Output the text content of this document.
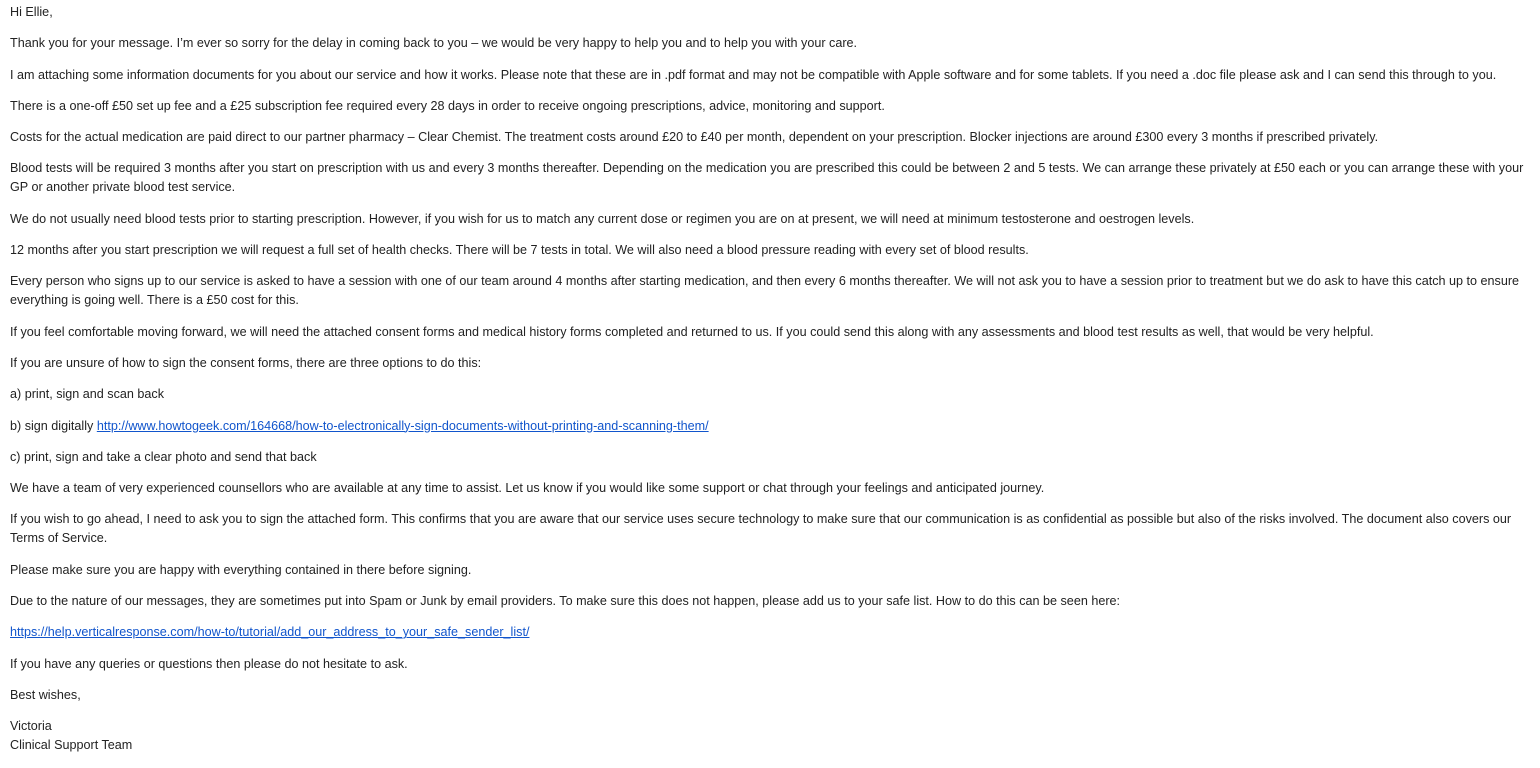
Hi Ellie,
Thank you for your message. I’m ever so sorry for the delay in coming back to you – we would be very happy to help you and to help you with your care.
I am attaching some information documents for you about our service and how it works. Please note that these are in .pdf format and may not be compatible with Apple software and for some tablets. If you need a .doc file please ask and I can send this through to you.
There is a one-off £50 set up fee and a £25 subscription fee required every 28 days in order to receive ongoing prescriptions, advice, monitoring and support.
Costs for the actual medication are paid direct to our partner pharmacy – Clear Chemist. The treatment costs around £20 to £40 per month, dependent on your prescription. Blocker injections are around £300 every 3 months if prescribed privately.
Blood tests will be required 3 months after you start on prescription with us and every 3 months thereafter. Depending on the medication you are prescribed this could be between 2 and 5 tests. We can arrange these privately at £50 each or you can arrange these with your GP or another private blood test service.
We do not usually need blood tests prior to starting prescription. However, if you wish for us to match any current dose or regimen you are on at present, we will need at minimum testosterone and oestrogen levels.
12 months after you start prescription we will request a full set of health checks. There will be 7 tests in total. We will also need a blood pressure reading with every set of blood results.
Every person who signs up to our service is asked to have a session with one of our team around 4 months after starting medication, and then every 6 months thereafter. We will not ask you to have a session prior to treatment but we do ask to have this catch up to ensure everything is going well. There is a £50 cost for this.
If you feel comfortable moving forward, we will need the attached consent forms and medical history forms completed and returned to us. If you could send this along with any assessments and blood test results as well, that would be very helpful.
If you are unsure of how to sign the consent forms, there are three options to do this:
a) print, sign and scan back
b) sign digitally http://www.howtogeek.com/164668/how-to-electronically-sign-documents-without-printing-and-scanning-them/
c) print, sign and take a clear photo and send that back
We have a team of very experienced counsellors who are available at any time to assist. Let us know if you would like some support or chat through your feelings and anticipated journey.
If you wish to go ahead, I need to ask you to sign the attached form. This confirms that you are aware that our service uses secure technology to make sure that our communication is as confidential as possible but also of the risks involved. The document also covers our Terms of Service.
Please make sure you are happy with everything contained in there before signing.
Due to the nature of our messages, they are sometimes put into Spam or Junk by email providers. To make sure this does not happen, please add us to your safe list. How to do this can be seen here:
https://help.verticalresponse.com/how-to/tutorial/add_our_address_to_your_safe_sender_list/
If you have any queries or questions then please do not hesitate to ask.
Best wishes,
Victoria
Clinical Support Team
